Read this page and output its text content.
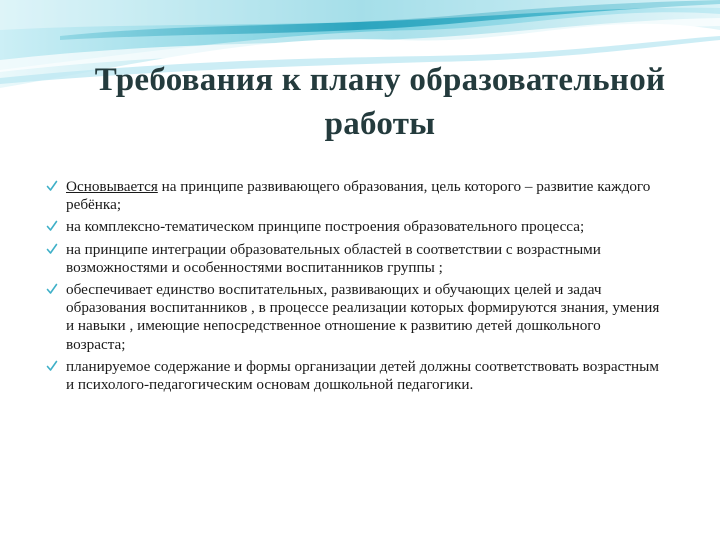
Требования к плану образовательной работы
Основывается на принципе развивающего образования, цель которого – развитие каждого ребёнка;
на комплексно-тематическом принципе построения образовательного процесса;
на принципе интеграции образовательных областей в соответствии с возрастными возможностями и особенностями воспитанников группы ;
обеспечивает единство воспитательных, развивающих и обучающих целей и задач образования воспитанников , в процессе реализации которых формируются знания, умения и навыки , имеющие непосредственное отношение к развитию детей дошкольного возраста;
планируемое содержание и формы организации детей должны соответствовать возрастным и психолого-педагогическим основам дошкольной педагогики.
